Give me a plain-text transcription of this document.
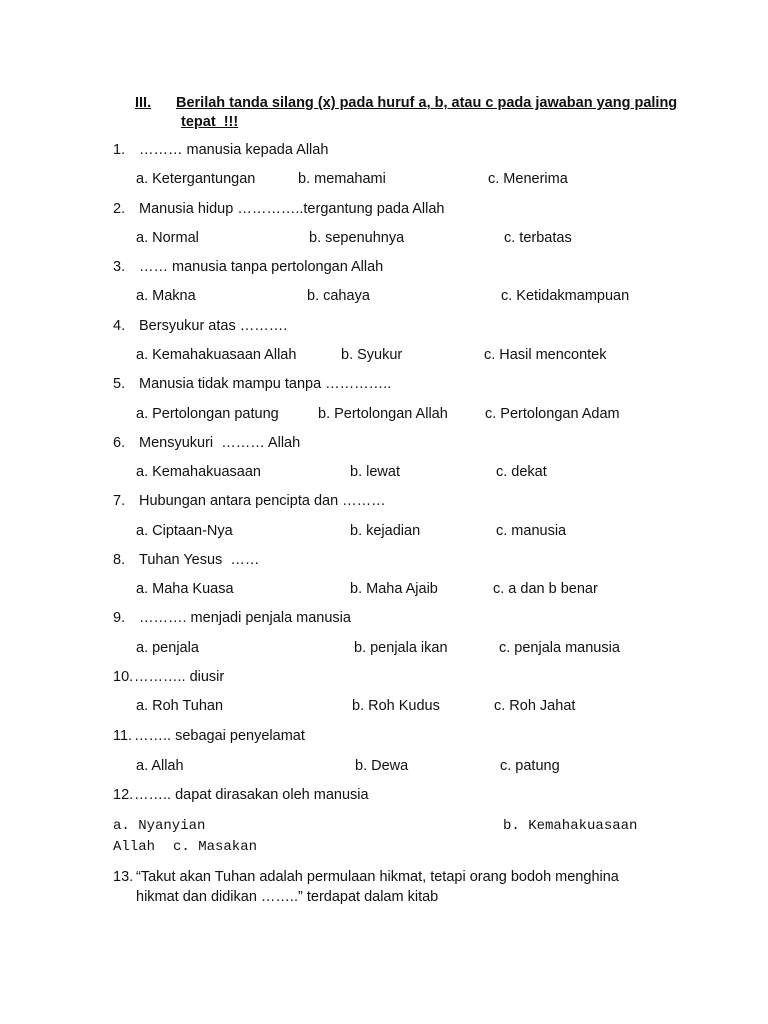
III. Berilah tanda silang (x) pada huruf a, b, atau c pada jawaban yang paling
tepat  !!!
1. ……… manusia kepada Allah
a. Ketergantungan	b. memahami	c. Menerima
2. Manusia hidup …………..tergantung pada Allah
a. Normal	b. sepenuhnya	c. terbatas
3. …… manusia tanpa pertolongan Allah
a. Makna	b. cahaya	c. Ketidakmampuan
4. Bersyukur atas ……….
a. Kemahakuasaan Allah	b. Syukur	c. Hasil mencontek
5. Manusia tidak mampu tanpa …………..
a. Pertolongan patung	b. Pertolongan Allah	c. Pertolongan Adam
6. Mensyukuri  ……… Allah
a. Kemahakuasaan	b. lewat	c. dekat
7. Hubungan antara pencipta dan ………
a. Ciptaan-Nya	b. kejadian	c. manusia
8. Tuhan Yesus  ……
a. Maha Kuasa	b. Maha Ajaib	c. a dan b benar
9. ………. menjadi penjala manusia
a. penjala	b. penjala ikan	c. penjala manusia
10. ……….. diusir
a. Roh Tuhan	b. Roh Kudus	c. Roh Jahat
11. …….. sebagai penyelamat
a. Allah	b. Dewa	c. patung
12. …….. dapat dirasakan oleh manusia
a. Nyanyian	b. Kemahakuasaan
Allah c. Masakan
13. “Takut akan Tuhan adalah permulaan hikmat, tetapi orang bodoh menghina
hikmat dan didikan ……..” terdapat dalam kitab
